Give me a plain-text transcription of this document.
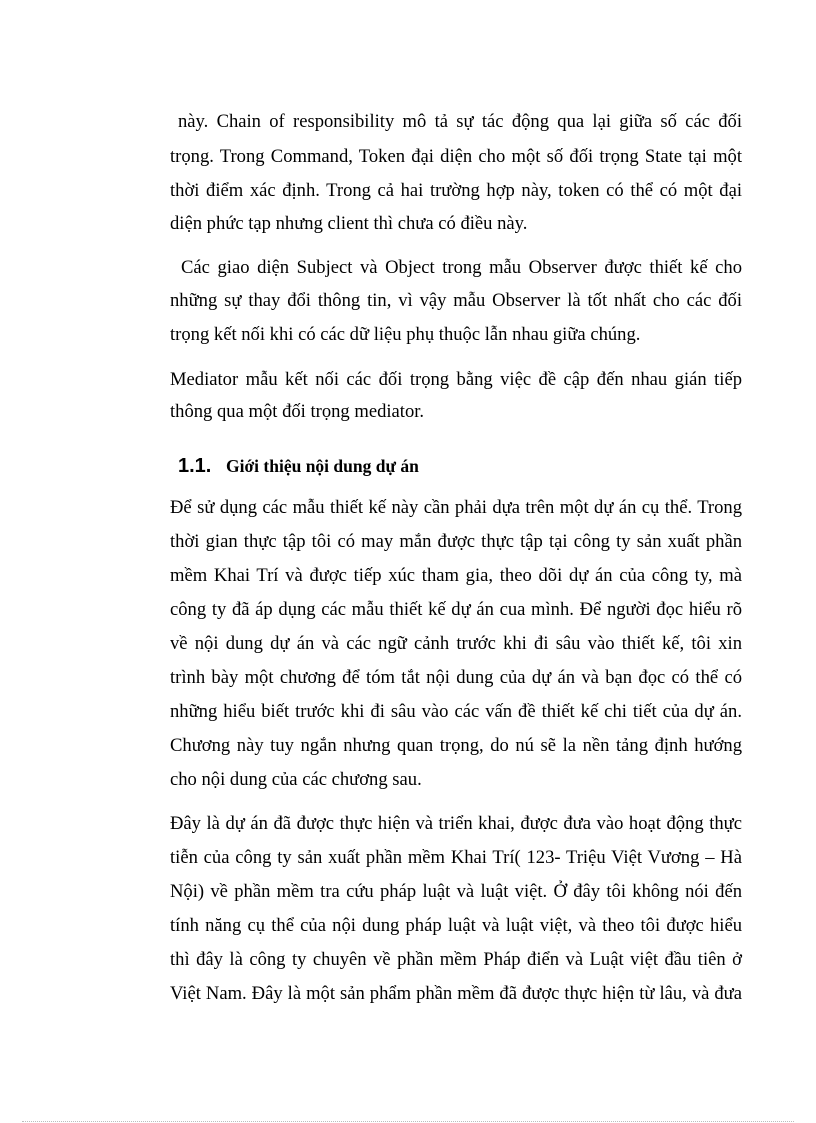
này. Chain of responsibility mô tả sự tác động qua lại giữa số các đối
trọng. Trong Command, Token đại diện cho một số đối trọng State tại một
thời điểm xác định. Trong cả hai trường hợp này, token có thể có một đại
diện phức tạp nhưng client thì chưa có điều này.
Các giao diện Subject và Object trong mẫu Observer được thiết kế cho
những sự thay đổi thông tin, vì vậy mẫu Observer là tốt nhất cho các đối
trọng kết nối khi có các dữ liệu phụ thuộc lẫn nhau giữa chúng.
Mediator mẫu kết nối các đối trọng bằng việc đề cập đến nhau gián tiếp
thông qua một đối trọng mediator.
1.1. Giới thiệu nội dung dự án
Để sử dụng các mẫu thiết kế này cần phải dựa trên một dự án cụ thể. Trong
thời gian thực tập tôi có may mắn được thực tập tại công ty sản xuất phần
mềm Khai Trí và được tiếp xúc tham gia, theo dõi dự án của công ty, mà
công ty đã áp dụng các mẫu thiết kế dự án cua mình. Để người đọc hiểu rõ
về nội dung dự án và các ngữ cảnh trước khi đi sâu vào thiết kế, tôi xin
trình bày một chương để tóm tắt nội dung của dự án và bạn đọc có thể có
những hiểu biết trước khi đi sâu vào các vấn đề thiết kế chi tiết của dự án.
Chương này tuy ngắn nhưng quan trọng, do nú sẽ la nền tảng định hướng
cho nội dung của các chương sau.
Đây là dự án đã được thực hiện và triển khai, được đưa vào hoạt động thực
tiễn của công ty sản xuất phần mềm Khai Trí( 123- Triệu Việt Vương – Hà
Nội) về phần mềm tra cứu pháp luật và luật việt. Ở đây tôi không nói đến
tính năng cụ thể của nội dung pháp luật và luật việt, và theo tôi được hiểu
thì đây là công ty chuyên về phần mềm Pháp điển và Luật việt đầu tiên ở
Việt Nam. Đây là một sản phẩm phần mềm đã được thực hiện từ lâu, và đưa
